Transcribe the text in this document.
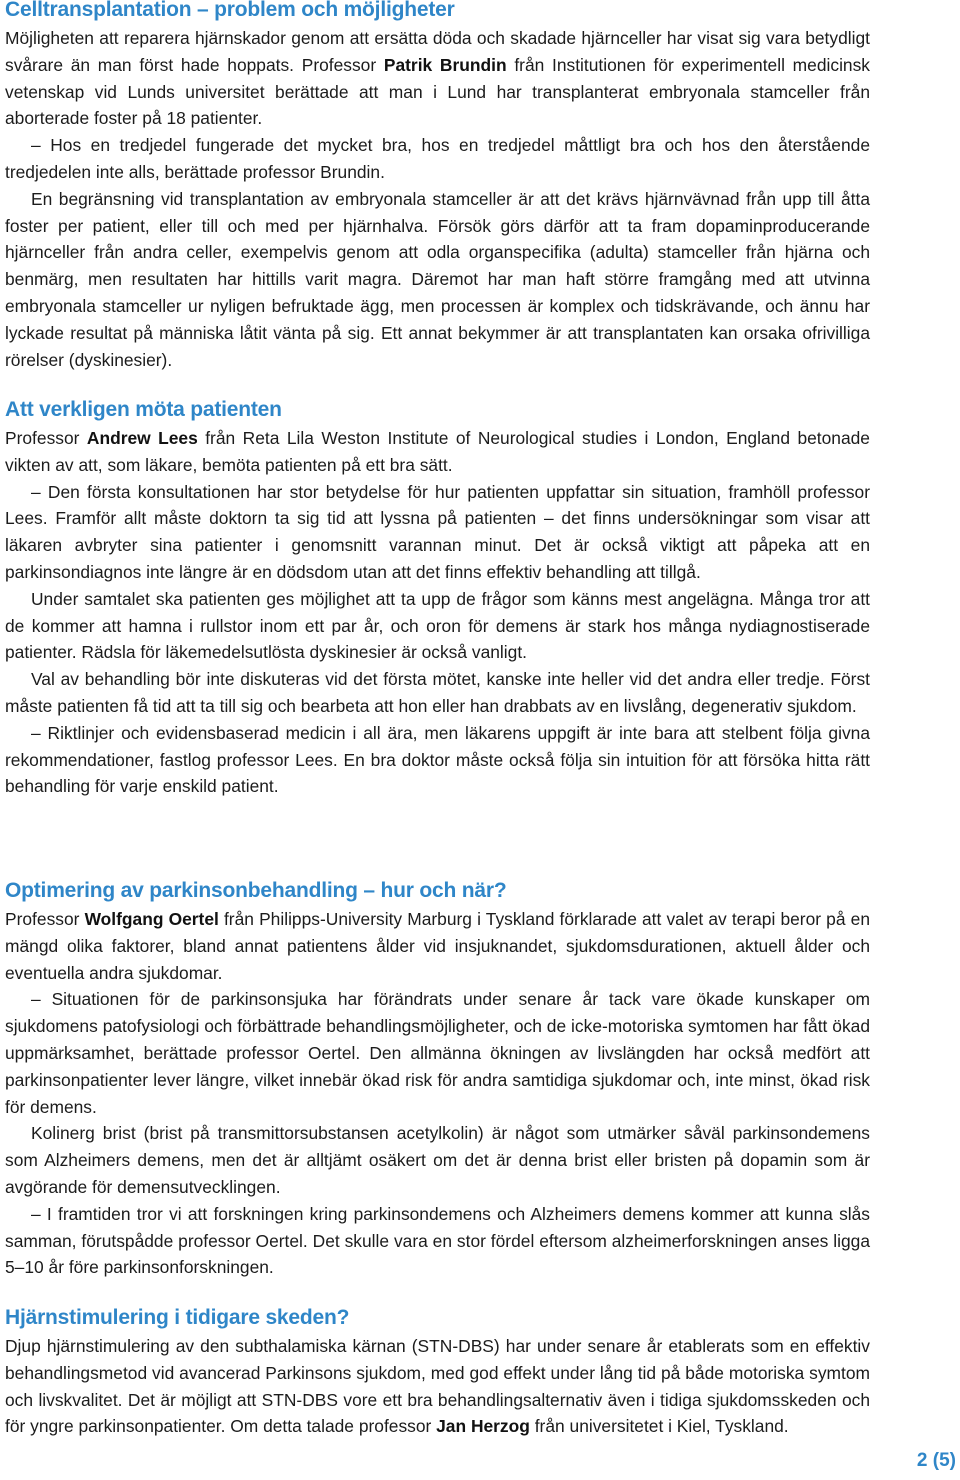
Celltransplantation – problem och möjligheter

Möjligheten att reparera hjärnskador genom att ersätta döda och skadade hjärnceller har visat sig vara betydligt svårare än man först hade hoppats. Professor Patrik Brundin från Institutionen för experimentell medicinsk vetenskap vid Lunds universitet berättade att man i Lund har transplanterat embryonala stamceller från aborterade foster på 18 patienter.

– Hos en tredjedel fungerade det mycket bra, hos en tredjedel måttligt bra och hos den återstående tredjedelen inte alls, berättade professor Brundin.

En begränsning vid transplantation av embryonala stamceller är att det krävs hjärnvävnad från upp till åtta foster per patient, eller till och med per hjärnhalva. Försök görs därför att ta fram dopaminproducerande hjärnceller från andra celler, exempelvis genom att odla organspecifika (adulta) stamceller från hjärna och benmärg, men resultaten har hittills varit magra. Däremot har man haft större framgång med att utvinna embryonala stamceller ur nyligen befruktade ägg, men processen är komplex och tidskrävande, och ännu har lyckade resultat på människa låtit vänta på sig. Ett annat bekymmer är att transplantaten kan orsaka ofrivilliga rörelser (dyskinesier).

Att verkligen möta patienten

Professor Andrew Lees från Reta Lila Weston Institute of Neurological studies i London, England betonade vikten av att, som läkare, bemöta patienten på ett bra sätt.

– Den första konsultationen har stor betydelse för hur patienten uppfattar sin situation, framhöll professor Lees. Framför allt måste doktorn ta sig tid att lyssna på patienten – det finns undersökningar som visar att läkaren avbryter sina patienter i genomsnitt varannan minut. Det är också viktigt att påpeka att en parkinsondiagnos inte längre är en dödsdom utan att det finns effektiv behandling att tillgå.

Under samtalet ska patienten ges möjlighet att ta upp de frågor som känns mest angelägna. Många tror att de kommer att hamna i rullstor inom ett par år, och oron för demens är stark hos många nydiagnostiserade patienter. Rädsla för läkemedelsutlösta dyskinesier är också vanligt.

Val av behandling bör inte diskuteras vid det första mötet, kanske inte heller vid det andra eller tredje. Först måste patienten få tid att ta till sig och bearbeta att hon eller han drabbats av en livslång, degenerativ sjukdom.

– Riktlinjer och evidensbaserad medicin i all ära, men läkarens uppgift är inte bara att stelbent följa givna rekommendationer, fastlog professor Lees. En bra doktor måste också följa sin intuition för att försöka hitta rätt behandling för varje enskild patient.

Optimering av parkinsonbehandling – hur och när?

Professor Wolfgang Oertel från Philipps-University Marburg i Tyskland förklarade att valet av terapi beror på en mängd olika faktorer, bland annat patientens ålder vid insjuknandet, sjukdomsdurationen, aktuell ålder och eventuella andra sjukdomar.

– Situationen för de parkinsonsjuka har förändrats under senare år tack vare ökade kunskaper om sjukdomens patofysiologi och förbättrade behandlingsmöjligheter, och de icke-motoriska symtomen har fått ökad uppmärksamhet, berättade professor Oertel. Den allmänna ökningen av livslängden har också medfört att parkinsonpatienter lever längre, vilket innebär ökad risk för andra samtidiga sjukdomar och, inte minst, ökad risk för demens.

Kolinerg brist (brist på transmittorsubstansen acetylkolin) är något som utmärker såväl parkinsondemens som Alzheimers demens, men det är alltjämt osäkert om det är denna brist eller bristen på dopamin som är avgörande för demensutvecklingen.

– I framtiden tror vi att forskningen kring parkinsondemens och Alzheimers demens kommer att kunna slås samman, förutspådde professor Oertel. Det skulle vara en stor fördel eftersom alzheimerforskningen anses ligga 5–10 år före parkinsonforskningen.

Hjärnstimulering i tidigare skeden?

Djup hjärnstimulering av den subthalamiska kärnan (STN-DBS) har under senare år etablerats som en effektiv behandlingsmetod vid avancerad Parkinsons sjukdom, med god effekt under lång tid på både motoriska symtom och livskvalitet. Det är möjligt att STN-DBS vore ett bra behandlingsalternativ även i tidiga sjukdomsskeden och för yngre parkinsonpatienter. Om detta talade professor Jan Herzog från universitetet i Kiel, Tyskland.

2 (5)
